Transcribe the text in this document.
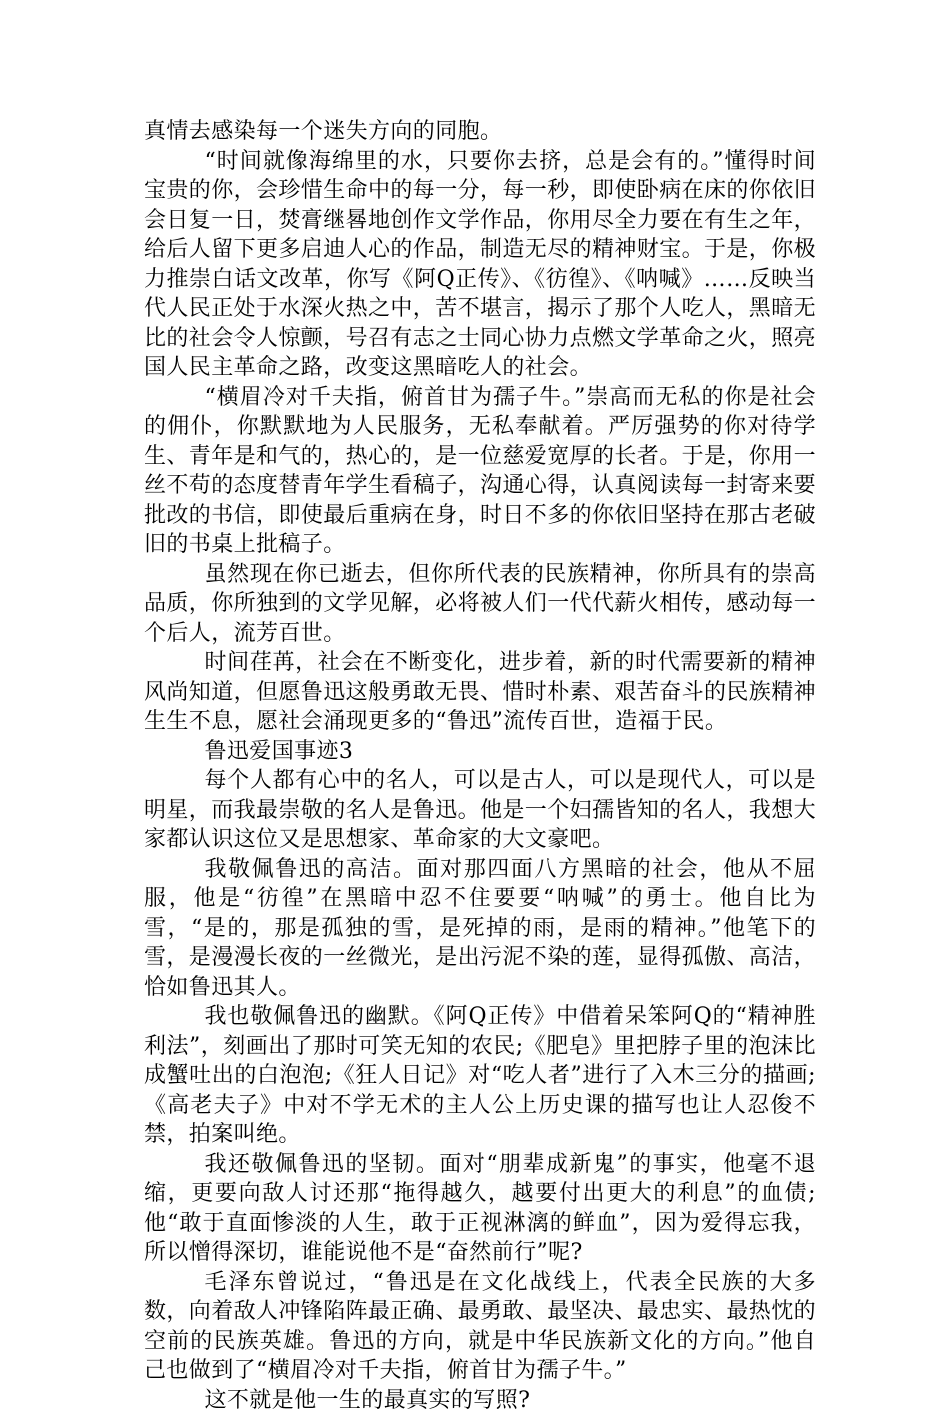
真情去感染每一个迷失方向的同胞。

“时间就像海绵里的水，只要你去挤，总是会有的。”懂得时间宝贵的你，会珍惜生命中的每一分，每一秒，即使卧病在床的你依旧会日复一日，焚膏继晷地创作文学作品，你用尽全力要在有生之年，给后人留下更多启迪人心的作品，制造无尽的精神财宝。于是，你极力推崇白话文改革，你写《阿Q正传》、《彷徨》、《呐喊》……反映当代人民正处于水深火热之中，苦不堪言，揭示了那个人吃人，黑暗无比的社会令人惊颤，号召有志之士同心协力点燃文学革命之火，照亮国人民主革命之路，改变这黑暗吃人的社会。

“横眉冷对千夫指，俯首甘为孺子牛。”崇高而无私的你是社会的佣仆，你默默地为人民服务，无私奉献着。严厉强势的你对待学生、青年是和气的，热心的，是一位慈爱宽厚的长者。于是，你用一丝不苟的态度替青年学生看稿子，沟通心得，认真阅读每一封寄来要批改的书信，即使最后重病在身，时日不多的你依旧坚持在那古老破旧的书桌上批稿子。

虽然现在你已逝去，但你所代表的民族精神，你所具有的崇高品质，你所独到的文学见解，必将被人们一代代薪火相传，感动每一个后人，流芳百世。

时间荏苒，社会在不断变化，进步着，新的时代需要新的精神风尚知道，但愿鲁迅这般勇敢无畏、惜时朴素、艰苦奋斗的民族精神生生不息，愿社会涌现更多的“鲁迅”流传百世，造福于民。

鲁迅爱国事迹3

每个人都有心中的名人，可以是古人，可以是现代人，可以是明星，而我最崇敬的名人是鲁迅。他是一个妇孺皆知的名人，我想大家都认识这位又是思想家、革命家的大文豪吧。

我敬佩鲁迅的高洁。面对那四面八方黑暗的社会，他从不屈服，他是“彷徨”在黑暗中忍不住要要“呐喊”的勇士。他自比为雪，“是的，那是孤独的雪，是死掉的雨，是雨的精神。”他笔下的雪，是漫漫长夜的一丝微光，是出污泥不染的莲，显得孤傲、高洁，恰如鲁迅其人。

我也敬佩鲁迅的幽默。《阿Q正传》中借着呆笨阿Q的“精神胜利法”，刻画出了那时可笑无知的农民;《肥皂》里把脖子里的泡沫比成蟹吐出的白泡泡;《狂人日记》对“吃人者”进行了入木三分的描画;《高老夫子》中对不学无术的主人公上历史课的描写也让人忍俊不禁，拍案叫绝。

我还敬佩鲁迅的坚韧。面对“朋辈成新鬼”的事实，他毫不退缩，更要向敌人讨还那“拖得越久，越要付出更大的利息”的血债;他“敢于直面惨淡的人生，敢于正视淋漓的鲜血”，因为爱得忘我，所以憎得深切，谁能说他不是“奋然前行”呢?

毛泽东曾说过，“鲁迅是在文化战线上，代表全民族的大多数，向着敌人冲锋陷阵最正确、最勇敢、最坚决、最忠实、最热忱的空前的民族英雄。鲁迅的方向，就是中华民族新文化的方向。”他自己也做到了“横眉冷对千夫指，俯首甘为孺子牛。”

这不就是他一生的最真实的写照?
